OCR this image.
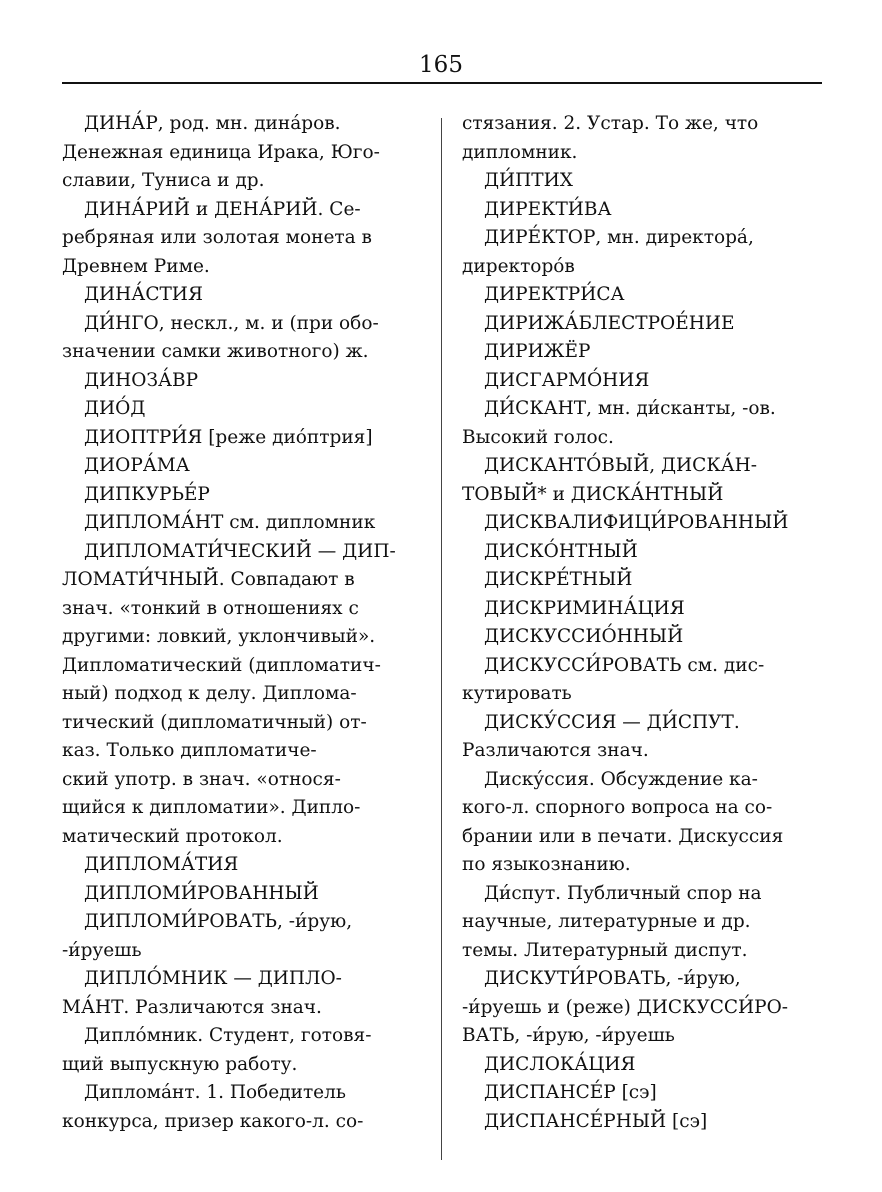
165
ДИНА́Р, род. мн. дина́ров.
Денежная единица Ирака, Юго-
славии, Туниса и др.
ДИНА́РИЙ и ДЕНА́РИЙ. Се-
ребряная или золотая монета в
Древнем Риме.
ДИНА́СТИЯ
ДИ́НГО, нескл., м. и (при обо-
значении самки животного) ж.
ДИНОЗА́ВР
ДИО́Д
ДИОПТРИ́Я [реже дио́птрия]
ДИОРА́МА
ДИПКУРЬЕ́Р
ДИПЛОМА́НТ см. дипломник
ДИПЛОМАТИ́ЧЕСКИЙ — ДИП-
ЛОМАТИ́ЧНЫЙ. Совпадают в
знач. «тонкий в отношениях с
другими: ловкий, уклончивый».
Дипломатический (дипломатич-
ный) подход к делу. Диплома-
тический (дипломатичный) от-
каз. Только дипломатиче-
ский употр. в знач. «относя-
щийся к дипломатии». Дипло-
матический протокол.
ДИПЛОМА́ТИЯ
ДИПЛОМИ́РОВАННЫЙ
ДИПЛОМИ́РОВАТЬ, -и́рую,
-и́руешь
ДИПЛО́МНИК — ДИПЛО-
МА́НТ. Различаются знач.
Дипло́мник. Студент, готовя-
щий выпускную работу.
Диплома́нт. 1. Победитель
конкурса, призер какого-л. со-
стязания. 2. Устар. То же, что
дипломник.
ДИ́ПТИХ
ДИРЕКТИ́ВА
ДИРЕ́КТОР, мн. директора́,
директоро́в
ДИРЕКТРИ́СА
ДИРИЖА́БЛЕСТРОЕ́НИЕ
ДИРИЖЁР
ДИСГАРМО́НИЯ
ДИ́СКАНТ, мн. ди́сканты, -ов.
Высокий голос.
ДИСКАНТО́ВЫЙ, ДИСКА́Н-
ТОВЫЙ* и ДИСКА́НТНЫЙ
ДИСКВАЛИФИЦИ́РОВАННЫЙ
ДИСКО́НТНЫЙ
ДИСКРЕ́ТНЫЙ
ДИСКРИМИНА́ЦИЯ
ДИСКУССИО́ННЫЙ
ДИСКУССИ́РОВАТЬ см. дис-
кутировать
ДИСКУ́ССИЯ — ДИ́СПУТ.
Различаются знач.
Диску́ссия. Обсуждение ка-
кого-л. спорного вопроса на со-
брании или в печати. Дискуссия
по языкознанию.
Ди́спут. Публичный спор на
научные, литературные и др.
темы. Литературный диспут.
ДИСКУТИ́РОВАТЬ, -и́рую,
-и́руешь и (реже) ДИСКУССИ́РО-
ВАТЬ, -и́рую, -и́руешь
ДИСЛОКА́ЦИЯ
ДИСПАНСЕ́Р [сэ]
ДИСПАНСЕ́РНЫЙ [сэ]
